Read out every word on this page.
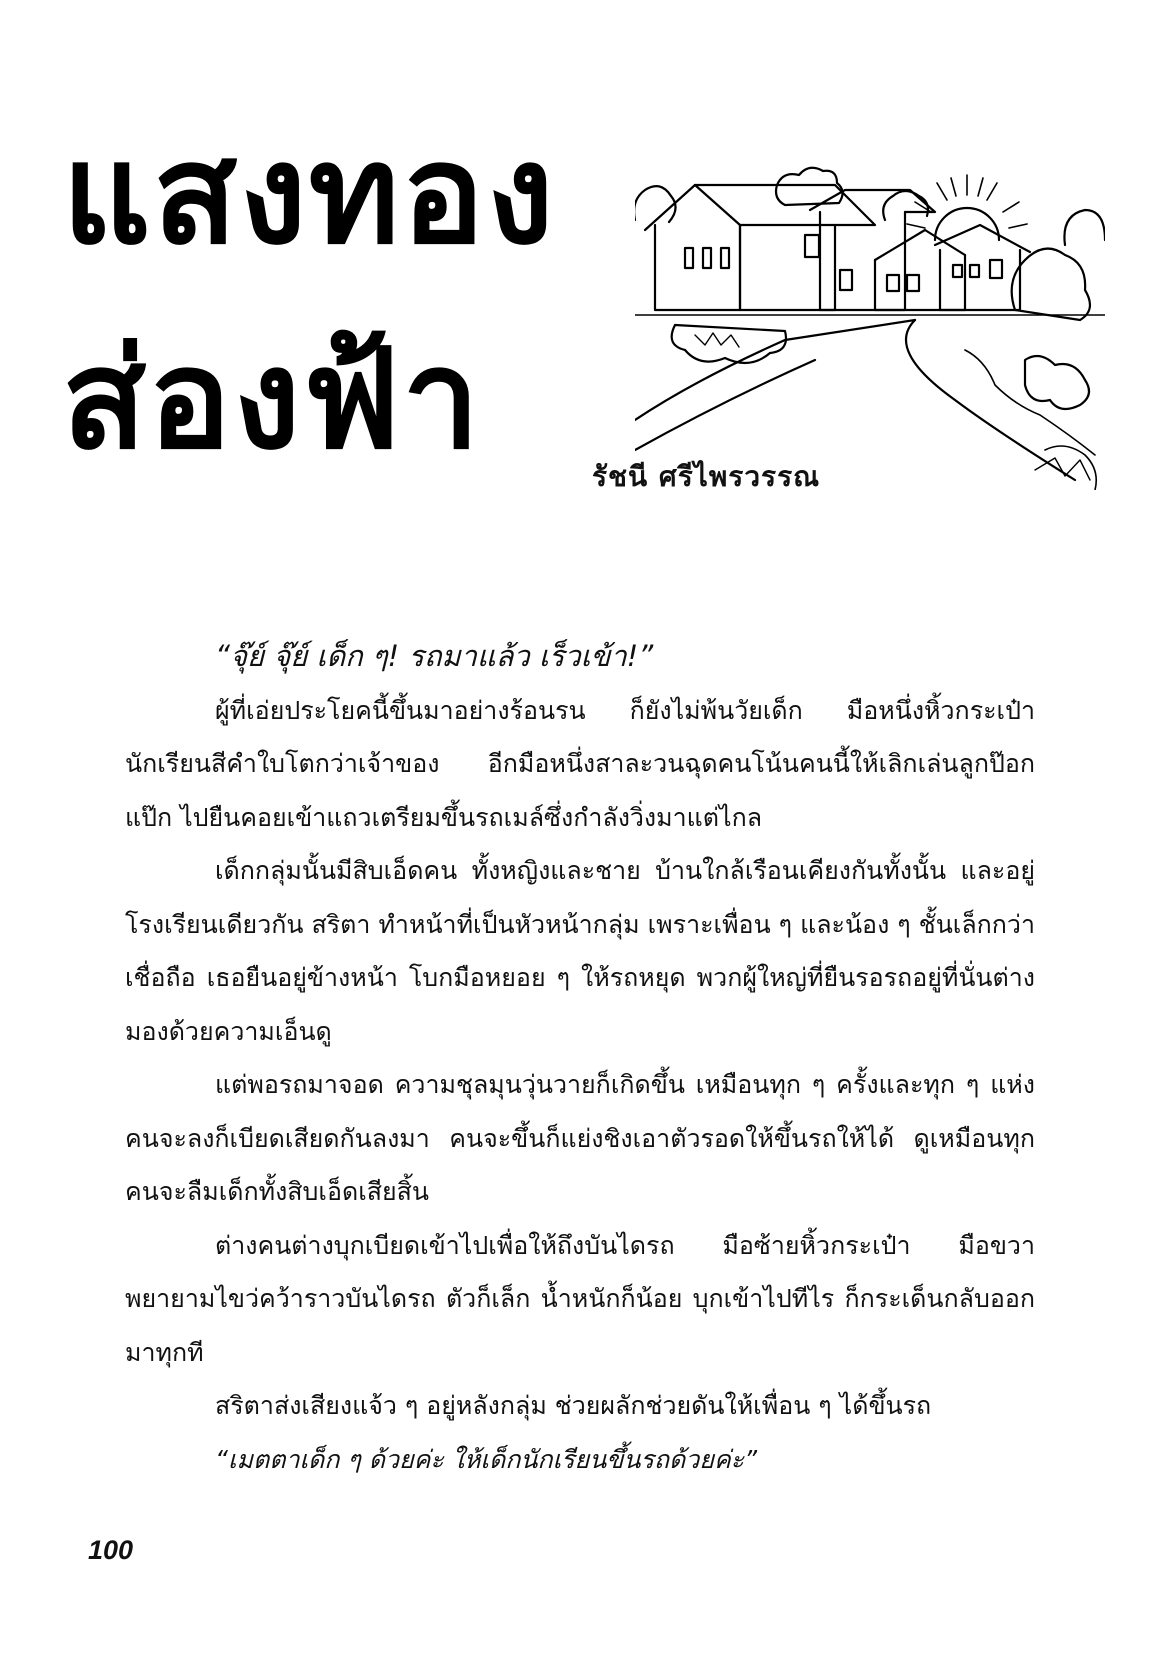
แสงทอง
ส่องฟ้า	รัชนี ศรีไพรวรรณ

“จุ๊ย์ จุ๊ย์ เด็ก ๆ! รถมาแล้ว เร็วเข้า!”

ผู้ที่เอ่ยประโยคนี้ขึ้นมาอย่างร้อนรน ก็ยังไม่พ้นวัยเด็ก มือหนึ่งหิ้วกระเป๋านักเรียนสีคำใบโตกว่าเจ้าของ อีกมือหนึ่งสาละวนฉุดคนโน้นคนนี้ให้เลิกเล่นลูกป๊อกแป๊ก ไปยืนคอยเข้าแถวเตรียมขึ้นรถเมล์ซึ่งกำลังวิ่งมาแต่ไกล

เด็กกลุ่มนั้นมีสิบเอ็ดคน ทั้งหญิงและชาย บ้านใกล้เรือนเคียงกันทั้งนั้น และอยู่โรงเรียนเดียวกัน สริตา ทำหน้าที่เป็นหัวหน้ากลุ่ม เพราะเพื่อน ๆ และน้อง ๆ ชั้นเล็กกว่าเชื่อถือ เธอยืนอยู่ข้างหน้า โบกมือหยอย ๆ ให้รถหยุด พวกผู้ใหญ่ที่ยืนรอรถอยู่ที่นั่นต่างมองด้วยความเอ็นดู

แต่พอรถมาจอด ความชุลมุนวุ่นวายก็เกิดขึ้น เหมือนทุก ๆ ครั้งและทุก ๆ แห่ง คนจะลงก็เบียดเสียดกันลงมา คนจะขึ้นก็แย่งชิงเอาตัวรอดให้ขึ้นรถให้ได้ ดูเหมือนทุกคนจะลืมเด็กทั้งสิบเอ็ดเสียสิ้น

ต่างคนต่างบุกเบียดเข้าไปเพื่อให้ถึงบันไดรถ มือซ้ายหิ้วกระเป๋า มือขวาพยายามไขว่คว้าราวบันไดรถ ตัวก็เล็ก น้ำหนักก็น้อย บุกเข้าไปทีไร ก็กระเด็นกลับออกมาทุกที

สริตาส่งเสียงแจ้ว ๆ อยู่หลังกลุ่ม ช่วยผลักช่วยดันให้เพื่อน ๆ ได้ขึ้นรถ

“เมตตาเด็ก ๆ ด้วยค่ะ ให้เด็กนักเรียนขึ้นรถด้วยค่ะ”

100
